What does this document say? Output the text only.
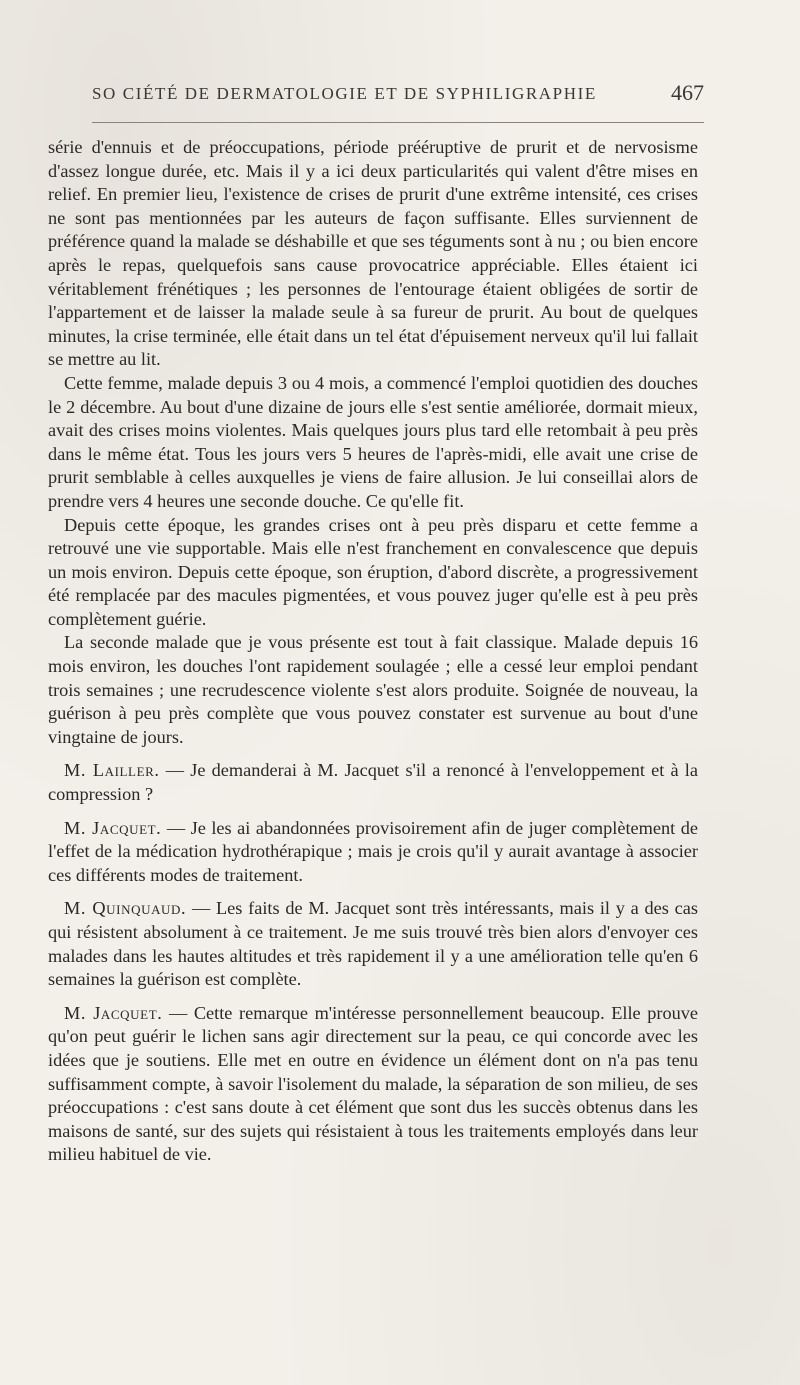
SO CIÉTÉ DE DERMATOLOGIE ET DE SYPHILIGRAPHIE	467

série d'ennuis et de préoccupations, période prééruptive de prurit et de nervosisme d'assez longue durée, etc. Mais il y a ici deux particularités qui valent d'être mises en relief. En premier lieu, l'existence de crises de prurit d'une extrême intensité, ces crises ne sont pas mentionnées par les auteurs de façon suffisante. Elles surviennent de préférence quand la malade se déshabille et que ses téguments sont à nu ; ou bien encore après le repas, quelquefois sans cause provocatrice appréciable. Elles étaient ici véritablement frénétiques ; les personnes de l'entourage étaient obligées de sortir de l'appartement et de laisser la malade seule à sa fureur de prurit. Au bout de quelques minutes, la crise terminée, elle était dans un tel état d'épuisement nerveux qu'il lui fallait se mettre au lit.

Cette femme, malade depuis 3 ou 4 mois, a commencé l'emploi quotidien des douches le 2 décembre. Au bout d'une dizaine de jours elle s'est sentie améliorée, dormait mieux, avait des crises moins violentes. Mais quelques jours plus tard elle retombait à peu près dans le même état. Tous les jours vers 5 heures de l'après-midi, elle avait une crise de prurit semblable à celles auxquelles je viens de faire allusion. Je lui conseillai alors de prendre vers 4 heures une seconde douche. Ce qu'elle fit.

Depuis cette époque, les grandes crises ont à peu près disparu et cette femme a retrouvé une vie supportable. Mais elle n'est franchement en convalescence que depuis un mois environ. Depuis cette époque, son éruption, d'abord discrète, a progressivement été remplacée par des macules pigmentées, et vous pouvez juger qu'elle est à peu près complètement guérie.

La seconde malade que je vous présente est tout à fait classique. Malade depuis 16 mois environ, les douches l'ont rapidement soulagée ; elle a cessé leur emploi pendant trois semaines ; une recrudescence violente s'est alors produite. Soignée de nouveau, la guérison à peu près complète que vous pouvez constater est survenue au bout d'une vingtaine de jours.

M. Lailler. — Je demanderai à M. Jacquet s'il a renoncé à l'enveloppement et à la compression ?

M. Jacquet. — Je les ai abandonnées provisoirement afin de juger complètement de l'effet de la médication hydrothérapique ; mais je crois qu'il y aurait avantage à associer ces différents modes de traitement.

M. Quinquaud. — Les faits de M. Jacquet sont très intéressants, mais il y a des cas qui résistent absolument à ce traitement. Je me suis trouvé très bien alors d'envoyer ces malades dans les hautes altitudes et très rapidement il y a une amélioration telle qu'en 6 semaines la guérison est complète.

M. Jacquet. — Cette remarque m'intéresse personnellement beaucoup. Elle prouve qu'on peut guérir le lichen sans agir directement sur la peau, ce qui concorde avec les idées que je soutiens. Elle met en outre en évidence un élément dont on n'a pas tenu suffisamment compte, à savoir l'isolement du malade, la séparation de son milieu, de ses préoccupations : c'est sans doute à cet élément que sont dus les succès obtenus dans les maisons de santé, sur des sujets qui résistaient à tous les traitements employés dans leur milieu habituel de vie.
